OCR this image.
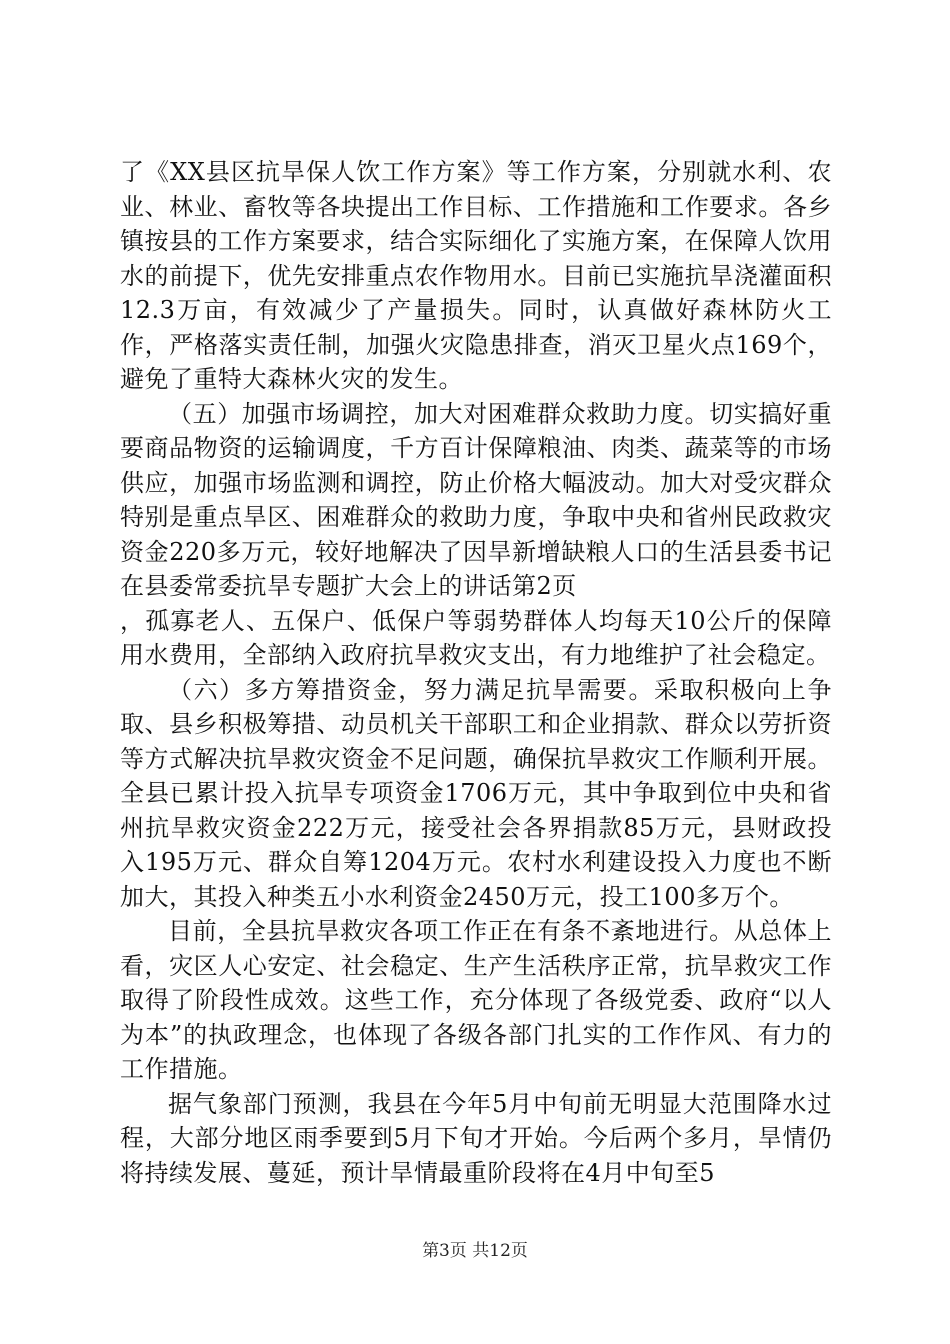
了《XX县区抗旱保人饮工作方案》等工作方案，分别就水利、农业、林业、畜牧等各块提出工作目标、工作措施和工作要求。各乡镇按县的工作方案要求，结合实际细化了实施方案，在保障人饮用水的前提下，优先安排重点农作物用水。目前已实施抗旱浇灌面积12.3万亩，有效减少了产量损失。同时，认真做好森林防火工作，严格落实责任制，加强火灾隐患排查，消灭卫星火点169个，避免了重特大森林火灾的发生。

（五）加强市场调控，加大对困难群众救助力度。切实搞好重要商品物资的运输调度，千方百计保障粮油、肉类、蔬菜等的市场供应，加强市场监测和调控，防止价格大幅波动。加大对受灾群众特别是重点旱区、困难群众的救助力度，争取中央和省州民政救灾资金220多万元，较好地解决了因旱新增缺粮人口的生活县委书记在县委常委抗旱专题扩大会上的讲话第2页

，孤寡老人、五保户、低保户等弱势群体人均每天10公斤的保障用水费用，全部纳入政府抗旱救灾支出，有力地维护了社会稳定。

（六）多方筹措资金，努力满足抗旱需要。采取积极向上争取、县乡积极筹措、动员机关干部职工和企业捐款、群众以劳折资等方式解决抗旱救灾资金不足问题，确保抗旱救灾工作顺利开展。全县已累计投入抗旱专项资金1706万元，其中争取到位中央和省州抗旱救灾资金222万元，接受社会各界捐款85万元，县财政投入195万元、群众自筹1204万元。农村水利建设投入力度也不断加大，其投入种类五小水利资金2450万元，投工100多万个。

目前，全县抗旱救灾各项工作正在有条不紊地进行。从总体上看，灾区人心安定、社会稳定、生产生活秩序正常，抗旱救灾工作取得了阶段性成效。这些工作，充分体现了各级党委、政府“以人为本”的执政理念，也体现了各级各部门扎实的工作作风、有力的工作措施。

据气象部门预测，我县在今年5月中旬前无明显大范围降水过程，大部分地区雨季要到5月下旬才开始。今后两个多月，旱情仍将持续发展、蔓延，预计旱情最重阶段将在4月中旬至5

第3页 共12页
